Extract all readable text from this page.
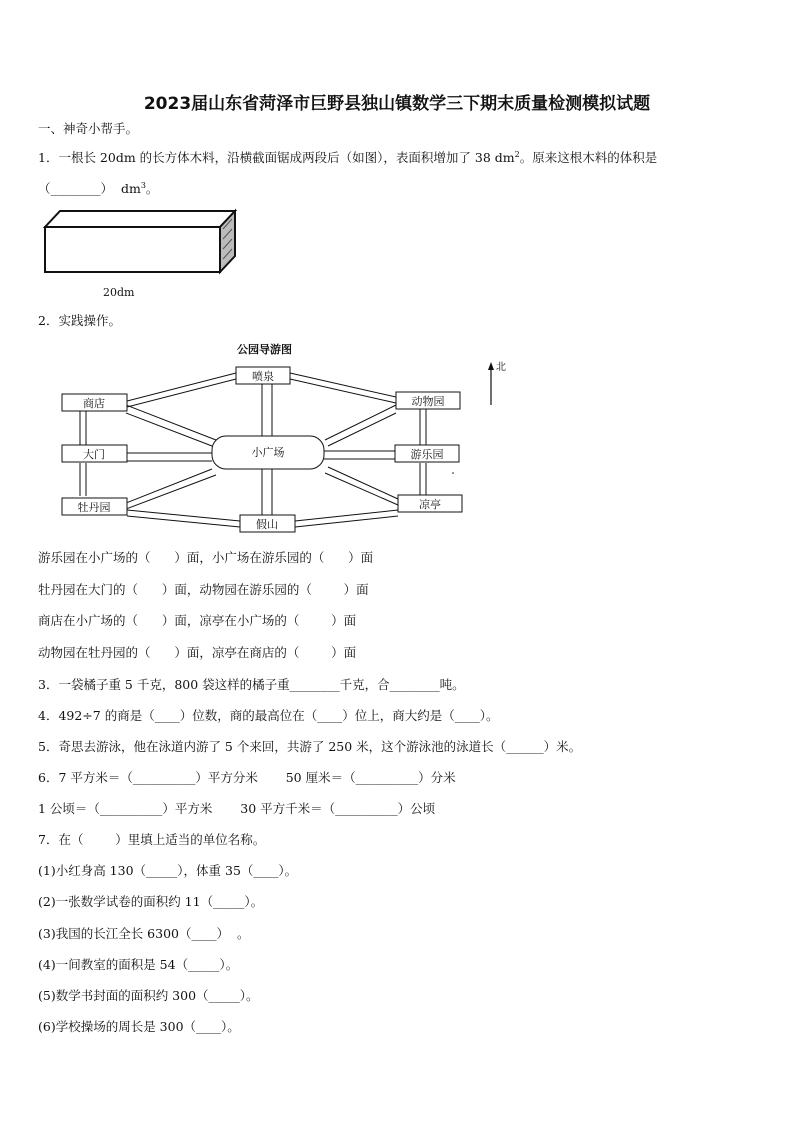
2023届山东省菏泽市巨野县独山镇数学三下期末质量检测模拟试题
一、神奇小帮手。
1．一根长 20dm 的长方体木料，沿横截面锯成两段后（如图），表面积增加了 38 $dm^2$。原来这根木料的体积是
（________）  $dm^3$。
20dm
2．实践操作。
公园导游图
喷泉
商店	动物园
大门	小广场	游乐园
牡丹园
假山
凉亭
北
游乐园在小广场的（      ）面，小广场在游乐园的（      ）面
牡丹园在大门的（      ）面，动物园在游乐园的（        ）面
商店在小广场的（      ）面，凉亭在小广场的（        ）面
动物园在牡丹园的（      ）面，凉亭在商店的（        ）面
3．一袋橘子重 5 千克，800 袋这样的橘子重________千克，合________吨。
4．492÷7 的商是（____）位数，商的最高位在（____）位上，商大约是（____）。
5．奇思去游泳，他在泳道内游了 5 个来回，共游了 250 米，这个游泳池的泳道长（______）米。
6．7 平方米＝（__________）平方分米       50 厘米＝（__________）分米
1 公顷＝（__________）平方米       30 平方千米＝（__________）公顷
7．在（        ）里填上适当的单位名称。
(1)小红身高 130（_____），体重 35（____）。
(2)一张数学试卷的面积约 11（_____）。
(3)我国的长江全长 6300（____）  。
(4)一间教室的面积是 54（_____）。
(5)数学书封面的面积约 300（_____）。
(6)学校操场的周长是 300（____）。
